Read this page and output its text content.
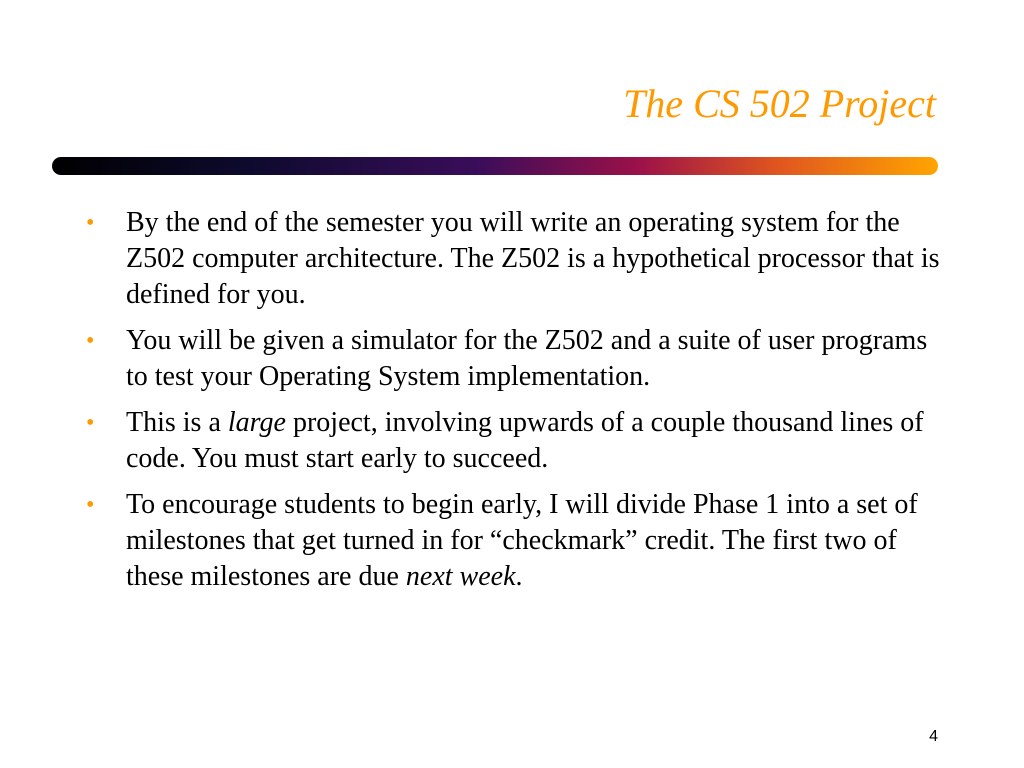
The CS 502 Project
• By the end of the semester you will write an operating system for the Z502 computer architecture. The Z502 is a hypothetical processor that is defined for you.
• You will be given a simulator for the Z502 and a suite of user programs to test your Operating System implementation.
• This is a large project, involving upwards of a couple thousand lines of code. You must start early to succeed.
• To encourage students to begin early, I will divide Phase 1 into a set of milestones that get turned in for “checkmark” credit. The first two of these milestones are due next week.
4
